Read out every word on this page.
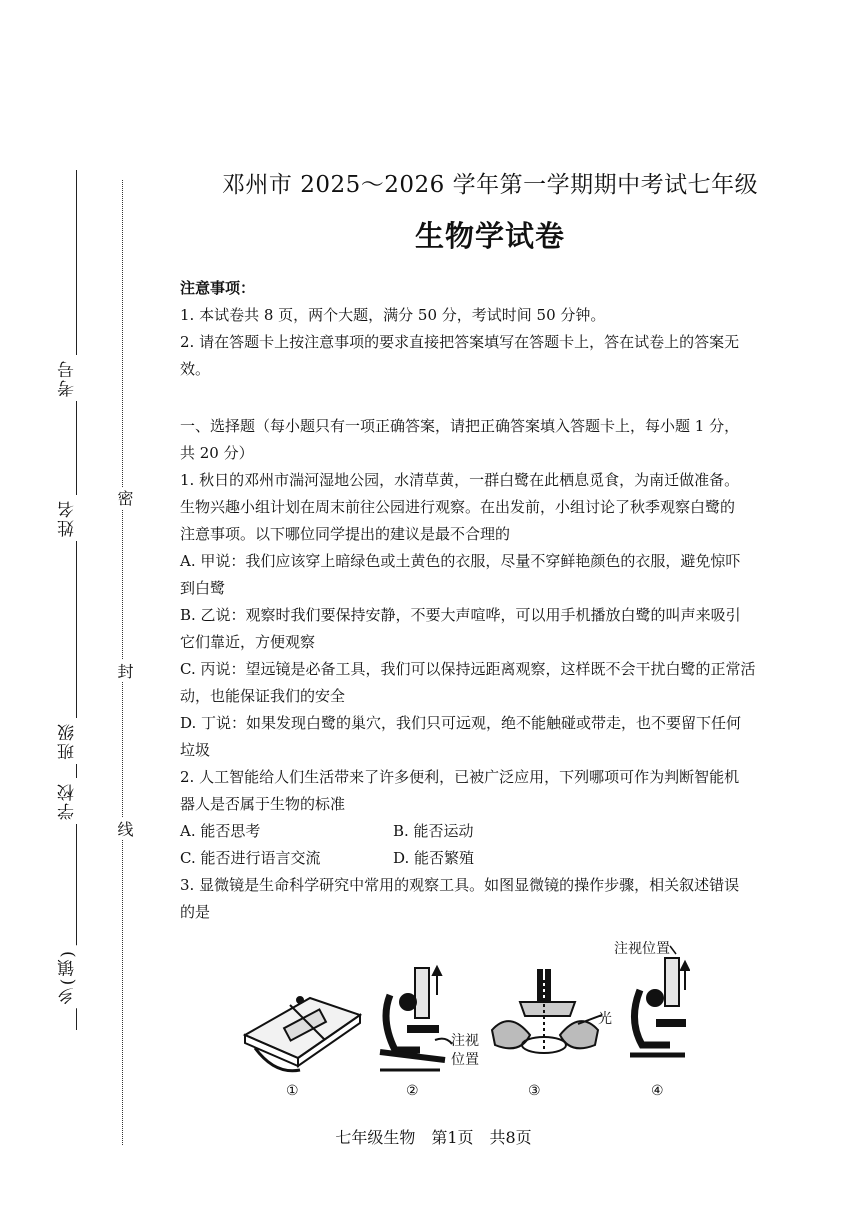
考号
姓名
班级
学校
乡(镇)
密
封
线
邓州市 2025～2026 学年第一学期期中考试七年级
生物学试卷
注意事项：
1. 本试卷共 8 页，两个大题，满分 50 分，考试时间 50 分钟。
2. 请在答题卡上按注意事项的要求直接把答案填写在答题卡上，答在试卷上的答案无
效。
一、选择题（每小题只有一项正确答案，请把正确答案填入答题卡上，每小题 1 分，
共 20 分）
1. 秋日的邓州市湍河湿地公园，水清草黄，一群白鹭在此栖息觅食，为南迁做准备。
生物兴趣小组计划在周末前往公园进行观察。在出发前，小组讨论了秋季观察白鹭的
注意事项。以下哪位同学提出的建议是最不合理的
A. 甲说：我们应该穿上暗绿色或土黄色的衣服，尽量不穿鲜艳颜色的衣服，避免惊吓
到白鹭
B. 乙说：观察时我们要保持安静，不要大声喧哗，可以用手机播放白鹭的叫声来吸引
它们靠近，方便观察
C. 丙说：望远镜是必备工具，我们可以保持远距离观察，这样既不会干扰白鹭的正常活
动，也能保证我们的安全
D. 丁说：如果发现白鹭的巢穴，我们只可远观，绝不能触碰或带走，也不要留下任何
垃圾
2. 人工智能给人们生活带来了许多便利，已被广泛应用，下列哪项可作为判断智能机
器人是否属于生物的标准
A. 能否思考	B. 能否运动
C. 能否进行语言交流	D. 能否繁殖
3. 显微镜是生命科学研究中常用的观察工具。如图显微镜的操作步骤，相关叙述错误
的是
注视位置
注视
位置
光
①	②	③	④
七年级生物　第1页　共8页
